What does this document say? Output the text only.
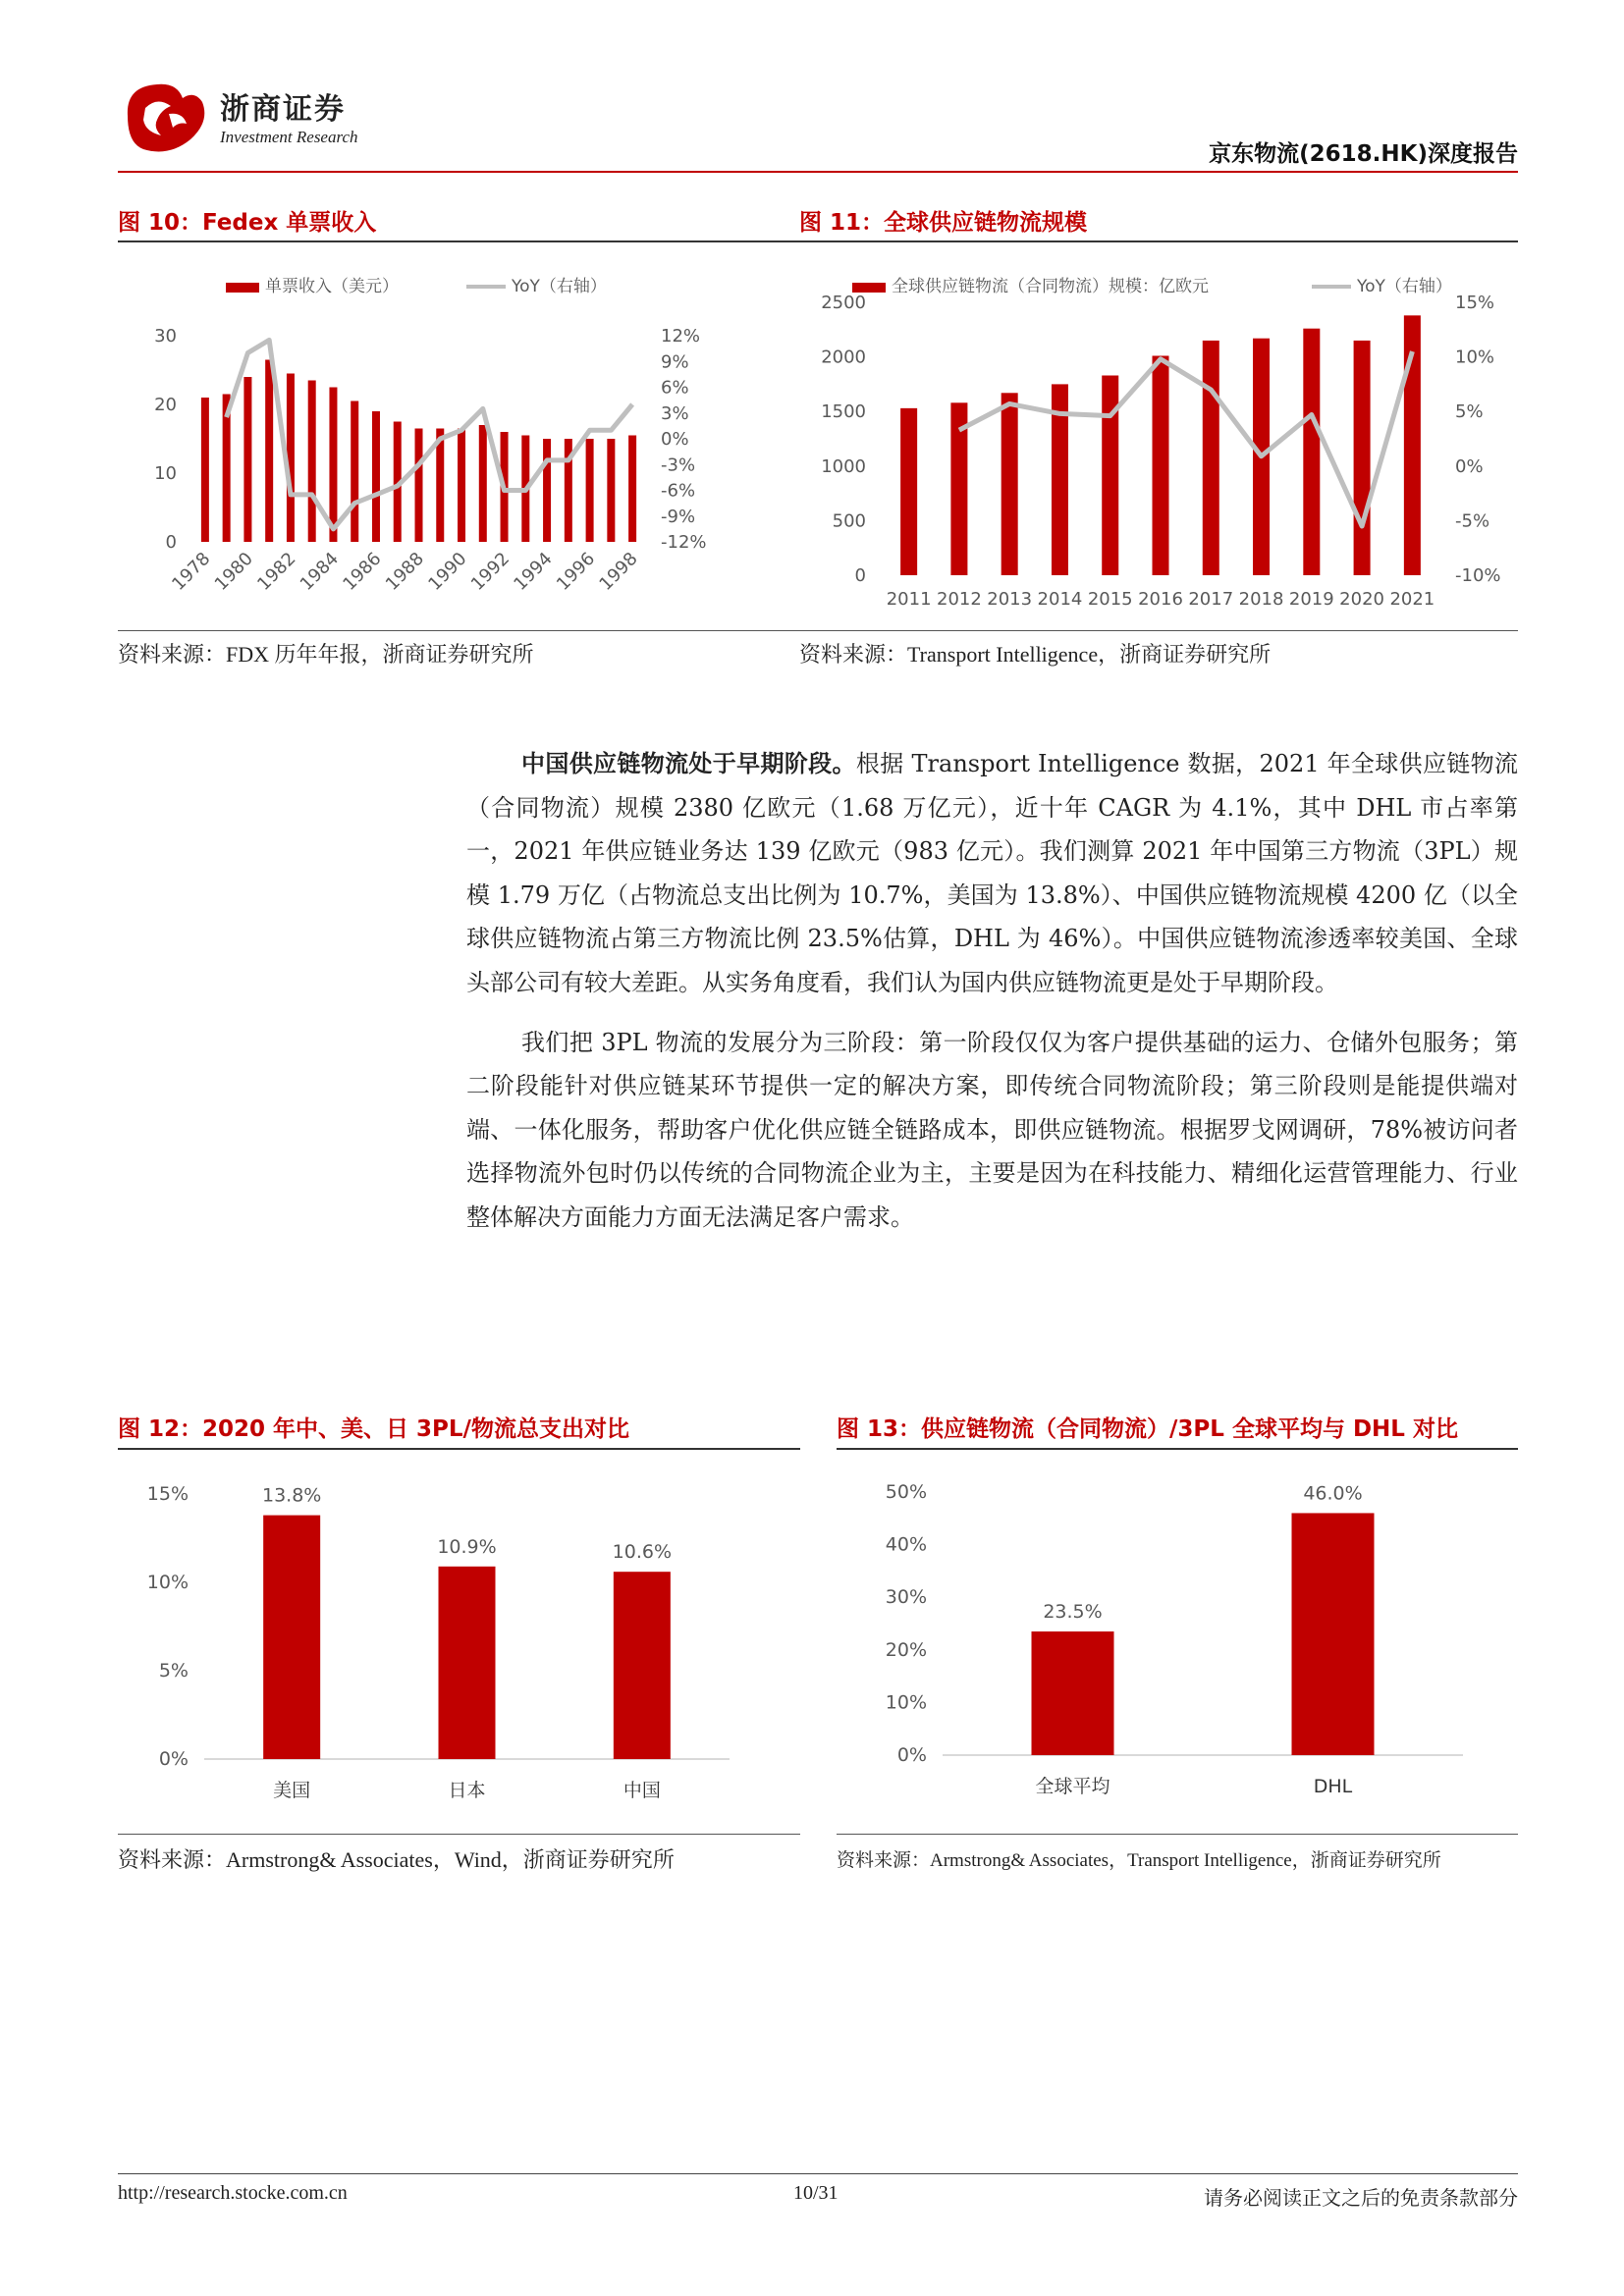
浙商证券
Investment Research
京东物流(2618.HK)深度报告
图 10：Fedex 单票收入
单票收入（美元）	YoY（右轴）
0
10
20
30	12%
9%
6%
3%
0%
-3%
-6%
-9%
-12%
1978
1980
1982
1984
1986
1988
1990
1992
1994
1996
1998
资料来源：FDX 历年年报，浙商证券研究所
图 11：全球供应链物流规模
全球供应链物流（合同物流）规模：亿欧元	YoY（右轴）
0
500
1000
1500
2000
2500	15%
10%
5%
0%
-5%
-10%
2011 2012 2013 2014 2015 2016 2017 2018 2019 2020 2021
资料来源：Transport Intelligence，浙商证券研究所

中国供应链物流处于早期阶段。根据 Transport Intelligence 数据，2021 年全球供应链物流（合同物流）规模 2380 亿欧元（1.68 万亿元），近十年 CAGR 为 4.1%，其中 DHL 市占率第一，2021 年供应链业务达 139 亿欧元（983 亿元）。我们测算 2021 年中国第三方物流（3PL）规模 1.79 万亿（占物流总支出比例为 10.7%，美国为 13.8%）、中国供应链物流规模 4200 亿（以全球供应链物流占第三方物流比例 23.5%估算，DHL 为 46%）。中国供应链物流渗透率较美国、全球头部公司有较大差距。从实务角度看，我们认为国内供应链物流更是处于早期阶段。

我们把 3PL 物流的发展分为三阶段：第一阶段仅仅为客户提供基础的运力、仓储外包服务；第二阶段能针对供应链某环节提供一定的解决方案，即传统合同物流阶段；第三阶段则是能提供端对端、一体化服务，帮助客户优化供应链全链路成本，即供应链物流。根据罗戈网调研，78%被访问者选择物流外包时仍以传统的合同物流企业为主，主要是因为在科技能力、精细化运营管理能力、行业整体解决方面能力方面无法满足客户需求。

图 12：2020 年中、美、日 3PL/物流总支出对比
0%
5%
10%
15%	13.8%
美国
10.9%
日本
10.6%
中国
资料来源：Armstrong& Associates，Wind，浙商证券研究所
图 13：供应链物流（合同物流）/3PL 全球平均与 DHL 对比
0%
10%
20%
30%
40%
50%
23.5%
全球平均
46.0%
DHL
资料来源：Armstrong& Associates，Transport Intelligence，浙商证券研究所
http://research.stocke.com.cn	10/31	请务必阅读正文之后的免责条款部分
